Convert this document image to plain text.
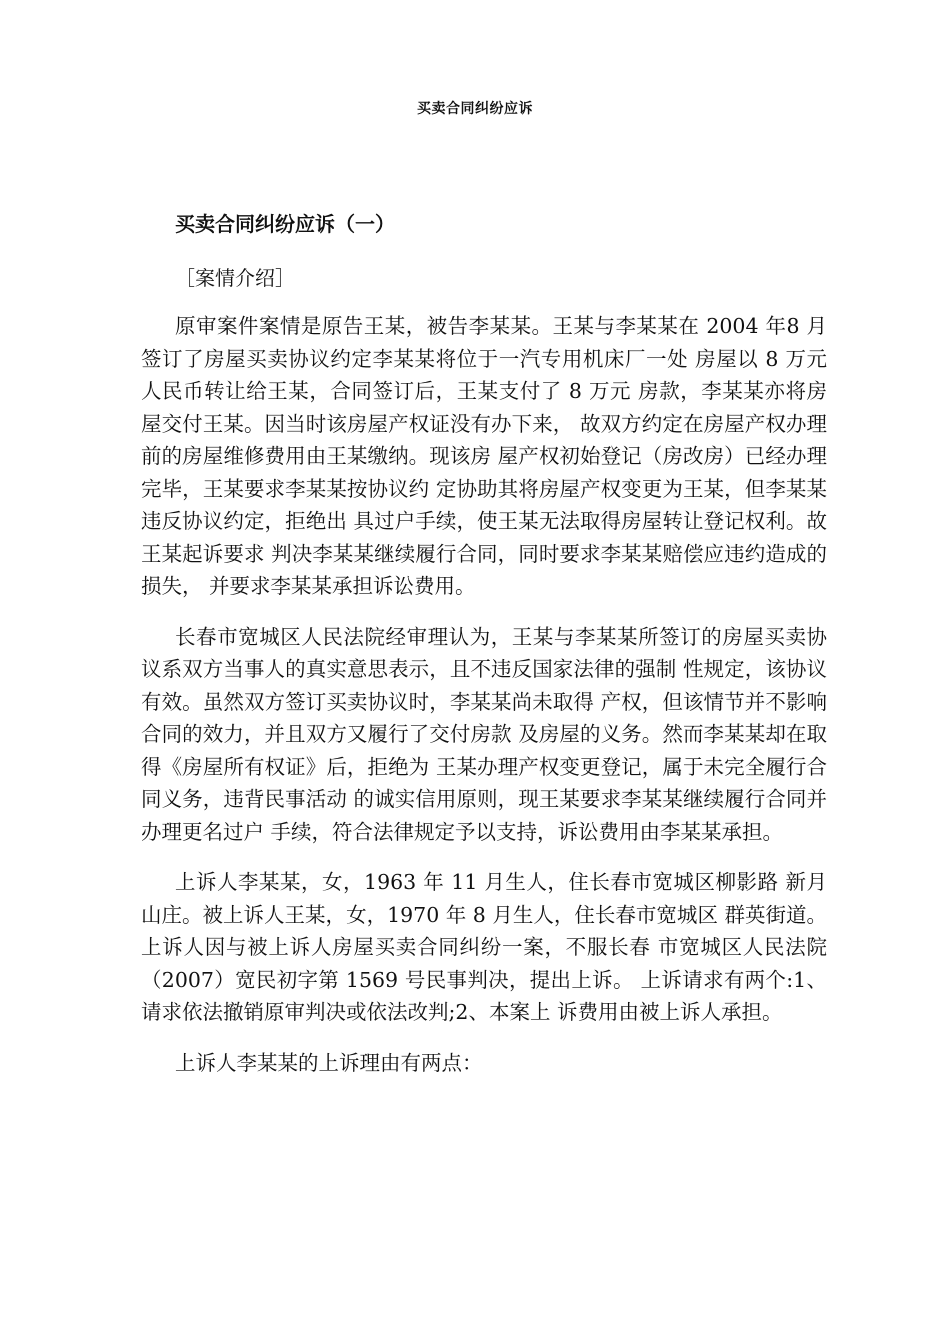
买卖合同纠纷应诉
买卖合同纠纷应诉（一）

［案情介绍］

原审案件案情是原告王某，被告李某某。王某与李某某在 2004 年8 月签订了房屋买卖协议约定李某某将位于一汽专用机床厂一处 房屋以 8 万元人民币转让给王某，合同签订后，王某支付了 8 万元 房款，李某某亦将房屋交付王某。因当时该房屋产权证没有办下来， 故双方约定在房屋产权办理前的房屋维修费用由王某缴纳。现该房 屋产权初始登记（房改房）已经办理完毕，王某要求李某某按协议约 定协助其将房屋产权变更为王某，但李某某违反协议约定，拒绝出 具过户手续，使王某无法取得房屋转让登记权利。故王某起诉要求 判决李某某继续履行合同，同时要求李某某赔偿应违约造成的损失， 并要求李某某承担诉讼费用。

长春市宽城区人民法院经审理认为，王某与李某某所签订的房屋买卖协议系双方当事人的真实意思表示，且不违反国家法律的强制 性规定，该协议有效。虽然双方签订买卖协议时，李某某尚未取得 产权，但该情节并不影响合同的效力，并且双方又履行了交付房款 及房屋的义务。然而李某某却在取得《房屋所有权证》后，拒绝为 王某办理产权变更登记，属于未完全履行合同义务，违背民事活动 的诚实信用原则，现王某要求李某某继续履行合同并办理更名过户 手续，符合法律规定予以支持，诉讼费用由李某某承担。

上诉人李某某，女，1963 年 11 月生人，住长春市宽城区柳影路 新月山庄。被上诉人王某，女，1970 年 8 月生人，住长春市宽城区 群英街道。上诉人因与被上诉人房屋买卖合同纠纷一案，不服长春 市宽城区人民法院（2007）宽民初字第 1569 号民事判决，提出上诉。 上诉请求有两个:1、请求依法撤销原审判决或依法改判;2、本案上 诉费用由被上诉人承担。

上诉人李某某的上诉理由有两点：
